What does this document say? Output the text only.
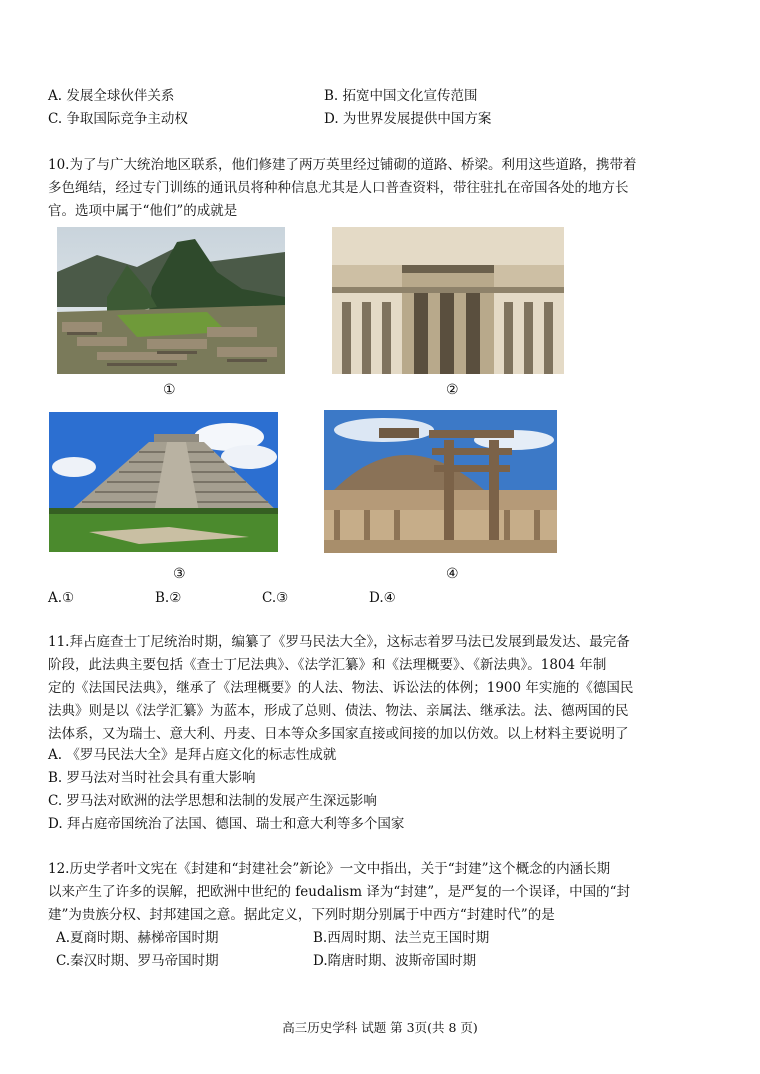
A. 发展全球伙伴关系	B. 拓宽中国文化宣传范围
C. 争取国际竞争主动权	D. 为世界发展提供中国方案
10.为了与广大统治地区联系，他们修建了两万英里经过铺砌的道路、桥梁。利用这些道路，携带着
多色绳结，经过专门训练的通讯员将种种信息尤其是人口普查资料，带往驻扎在帝国各处的地方长
官。选项中属于“他们”的成就是
①	②
③	④
A.①	B.②	C.③	D.④
11.拜占庭查士丁尼统治时期，编纂了《罗马民法大全》，这标志着罗马法已发展到最发达、最完备
阶段，此法典主要包括《查士丁尼法典》、《法学汇纂》和《法理概要》、《新法典》。1804 年制
定的《法国民法典》，继承了《法理概要》的人法、物法、诉讼法的体例；1900 年实施的《德国民
法典》则是以《法学汇纂》为蓝本，形成了总则、债法、物法、亲属法、继承法。法、德两国的民
法体系，又为瑞士、意大利、丹麦、日本等众多国家直接或间接的加以仿效。以上材料主要说明了
A. 《罗马民法大全》是拜占庭文化的标志性成就
B. 罗马法对当时社会具有重大影响
C. 罗马法对欧洲的法学思想和法制的发展产生深远影响
D. 拜占庭帝国统治了法国、德国、瑞士和意大利等多个国家
12.历史学者叶文宪在《封建和“封建社会”新论》一文中指出，关于“封建”这个概念的内涵长期
以来产生了许多的误解，把欧洲中世纪的 feudalism 译为“封建”，是严复的一个误译，中国的“封
建”为贵族分权、封邦建国之意。据此定义，下列时期分别属于中西方“封建时代”的是
A.夏商时期、赫梯帝国时期	B.西周时期、法兰克王国时期
C.秦汉时期、罗马帝国时期	D.隋唐时期、波斯帝国时期
高三历史学科 试题 第 3页(共 8 页)
